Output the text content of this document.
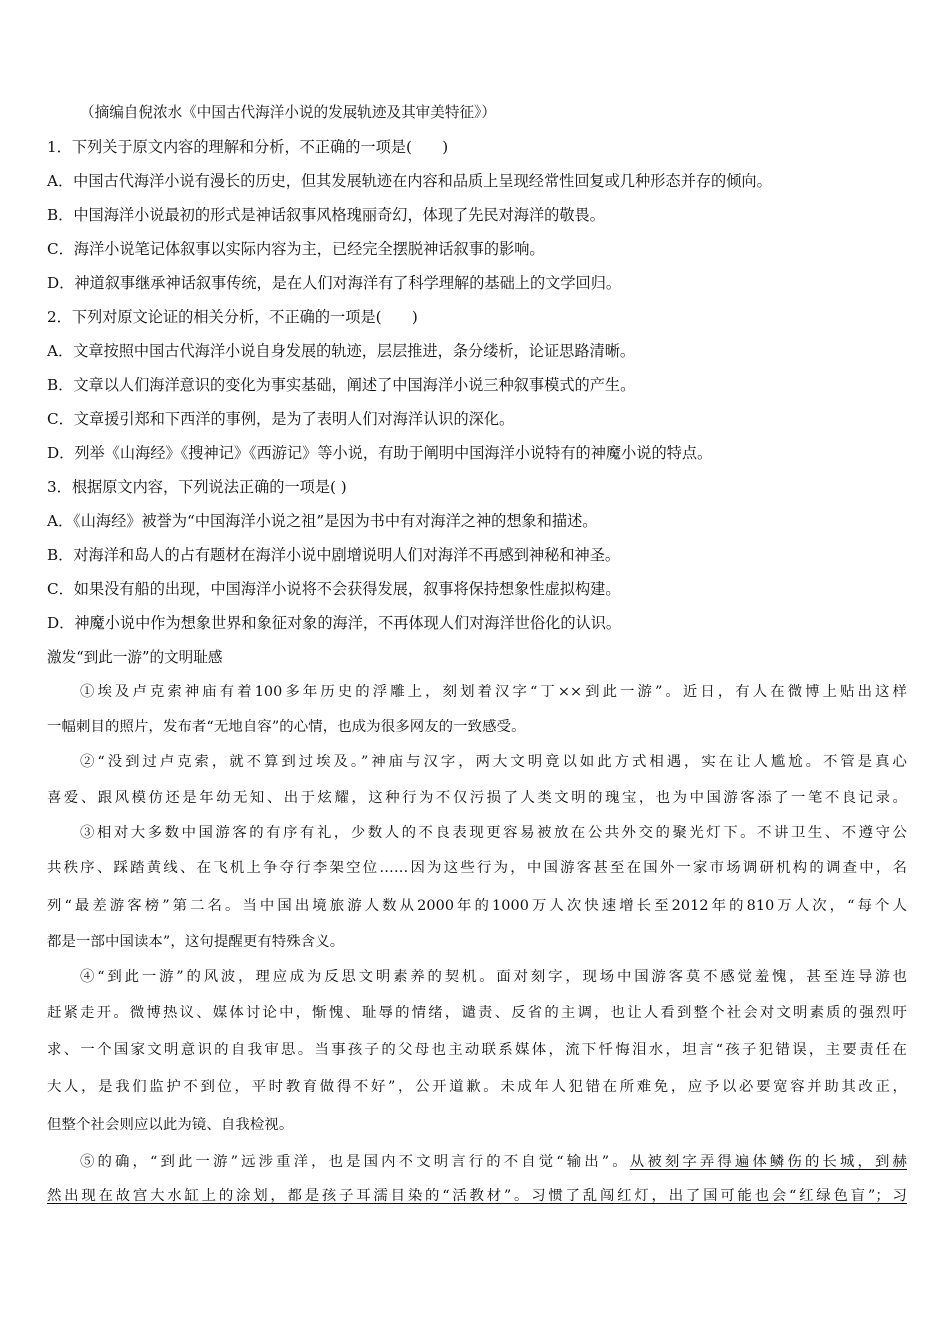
（摘编自倪浓水《中国古代海洋小说的发展轨迹及其审美特征》）
1．下列关于原文内容的理解和分析，不正确的一项是(　　)
A．中国古代海洋小说有漫长的历史，但其发展轨迹在内容和品质上呈现经常性回复或几种形态并存的倾向。
B．中国海洋小说最初的形式是神话叙事风格瑰丽奇幻，体现了先民对海洋的敬畏。
C．海洋小说笔记体叙事以实际内容为主，已经完全摆脱神话叙事的影响。
D．神道叙事继承神话叙事传统，是在人们对海洋有了科学理解的基础上的文学回归。
2．下列对原文论证的相关分析，不正确的一项是(　　)
A．文章按照中国古代海洋小说自身发展的轨迹，层层推进，条分缕析，论证思路清晰。
B．文章以人们海洋意识的变化为事实基础，阐述了中国海洋小说三种叙事模式的产生。
C．文章援引郑和下西洋的事例，是为了表明人们对海洋认识的深化。
D．列举《山海经》《搜神记》《西游记》等小说，有助于阐明中国海洋小说特有的神魔小说的特点。
3．根据原文内容，下列说法正确的一项是( )
A．《山海经》被誉为“中国海洋小说之祖”是因为书中有对海洋之神的想象和描述。
B．对海洋和岛人的占有题材在海洋小说中剧增说明人们对海洋不再感到神秘和神圣。
C．如果没有船的出现，中国海洋小说将不会获得发展，叙事将保持想象性虚拟构建。
D．神魔小说中作为想象世界和象征对象的海洋，不再体现人们对海洋世俗化的认识。
激发“到此一游”的文明耻感
①埃及卢克索神庙有着100多年历史的浮雕上，刻划着汉字“丁××到此一游”。近日，有人在微博上贴出这样
一幅刺目的照片，发布者“无地自容”的心情，也成为很多网友的一致感受。
②“没到过卢克索，就不算到过埃及。”神庙与汉字，两大文明竟以如此方式相遇，实在让人尴尬。不管是真心
喜爱、跟风模仿还是年幼无知、出于炫耀，这种行为不仅污损了人类文明的瑰宝，也为中国游客添了一笔不良记录。
③相对大多数中国游客的有序有礼，少数人的不良表现更容易被放在公共外交的聚光灯下。不讲卫生、不遵守公
共秩序、踩踏黄线、在飞机上争夺行李架空位……因为这些行为，中国游客甚至在国外一家市场调研机构的调查中，名
列“最差游客榜”第二名。当中国出境旅游人数从2000年的1000万人次快速增长至2012年的810万人次，“每个人
都是一部中国读本”，这句提醒更有特殊含义。
④“到此一游”的风波，理应成为反思文明素养的契机。面对刻字，现场中国游客莫不感觉羞愧，甚至连导游也
赶紧走开。微博热议、媒体讨论中，惭愧、耻辱的情绪，谴责、反省的主调，也让人看到整个社会对文明素质的强烈吁
求、一个国家文明意识的自我审思。当事孩子的父母也主动联系媒体，流下忏悔泪水，坦言“孩子犯错误，主要责任在
大人，是我们监护不到位，平时教育做得不好”，公开道歉。未成年人犯错在所难免，应予以必要宽容并助其改正，
但整个社会则应以此为镜、自我检视。
⑤的确，“到此一游”远涉重洋，也是国内不文明言行的不自觉“输出”。从被刻字弄得遍体鳞伤的长城，到赫
然出现在故宫大水缸上的涂划，都是孩子耳濡目染的“活教材”。习惯了乱闯红灯，出了国可能也会“红绿色盲”；习
